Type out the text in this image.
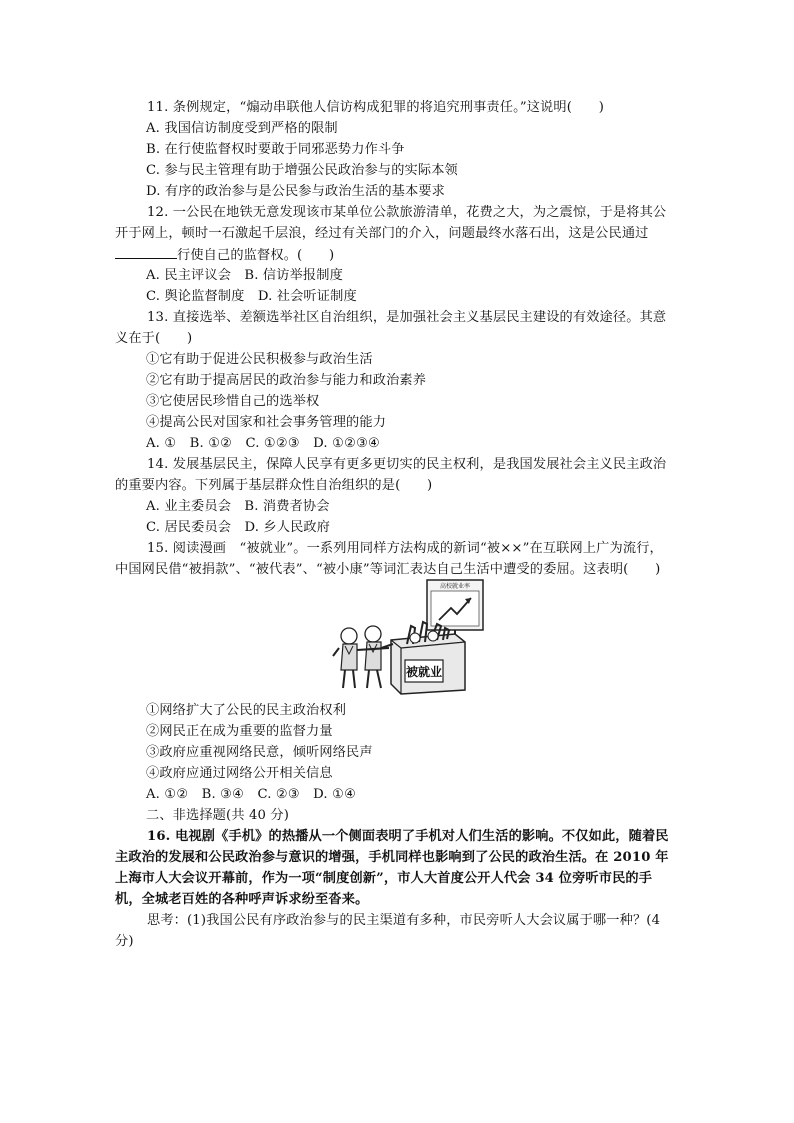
11. 条例规定，“煽动串联他人信访构成犯罪的将追究刑事责任。”这说明(　　)
A. 我国信访制度受到严格的限制
B. 在行使监督权时要敢于同邪恶势力作斗争
C. 参与民主管理有助于增强公民政治参与的实际本领
D. 有序的政治参与是公民参与政治生活的基本要求
12. 一公民在地铁无意发现该市某单位公款旅游清单，花费之大，为之震惊，于是将其公
开于网上，顿时一石激起千层浪，经过有关部门的介入，问题最终水落石出，这是公民通过
行使自己的监督权。(　　)
A. 民主评议会　B. 信访举报制度
C. 舆论监督制度　D. 社会听证制度
13. 直接选举、差额选举社区自治组织，是加强社会主义基层民主建设的有效途径。其意
义在于(　　)
①它有助于促进公民积极参与政治生活
②它有助于提高居民的政治参与能力和政治素养
③它使居民珍惜自己的选举权
④提高公民对国家和社会事务管理的能力
A. ①　B. ①②　C. ①②③　D. ①②③④
14. 发展基层民主，保障人民享有更多更切实的民主权利，是我国发展社会主义民主政治
的重要内容。下列属于基层群众性自治组织的是(　　)
A. 业主委员会　B. 消费者协会
C. 居民委员会　D. 乡人民政府
15. 阅读漫画　“被就业”。一系列用同样方法构成的新词“被××”在互联网上广为流行，
中国网民借“被捐款”、“被代表”、“被小康”等词汇表达自己生活中遭受的委屈。这表明(　　)
高校就业率
被就业
①网络扩大了公民的民主政治权利
②网民正在成为重要的监督力量
③政府应重视网络民意，倾听网络民声
④政府应通过网络公开相关信息
A. ①②　B. ③④　C. ②③　D. ①④
二、非选择题(共 40 分)
16. 电视剧《手机》的热播从一个侧面表明了手机对人们生活的影响。不仅如此，随着民
主政治的发展和公民政治参与意识的增强，手机同样也影响到了公民的政治生活。在 2010 年
上海市人大会议开幕前，作为一项“制度创新”，市人大首度公开人代会 34 位旁听市民的手
机，全城老百姓的各种呼声诉求纷至沓来。
思考：(1)我国公民有序政治参与的民主渠道有多种，市民旁听人大会议属于哪一种？(4
分)
